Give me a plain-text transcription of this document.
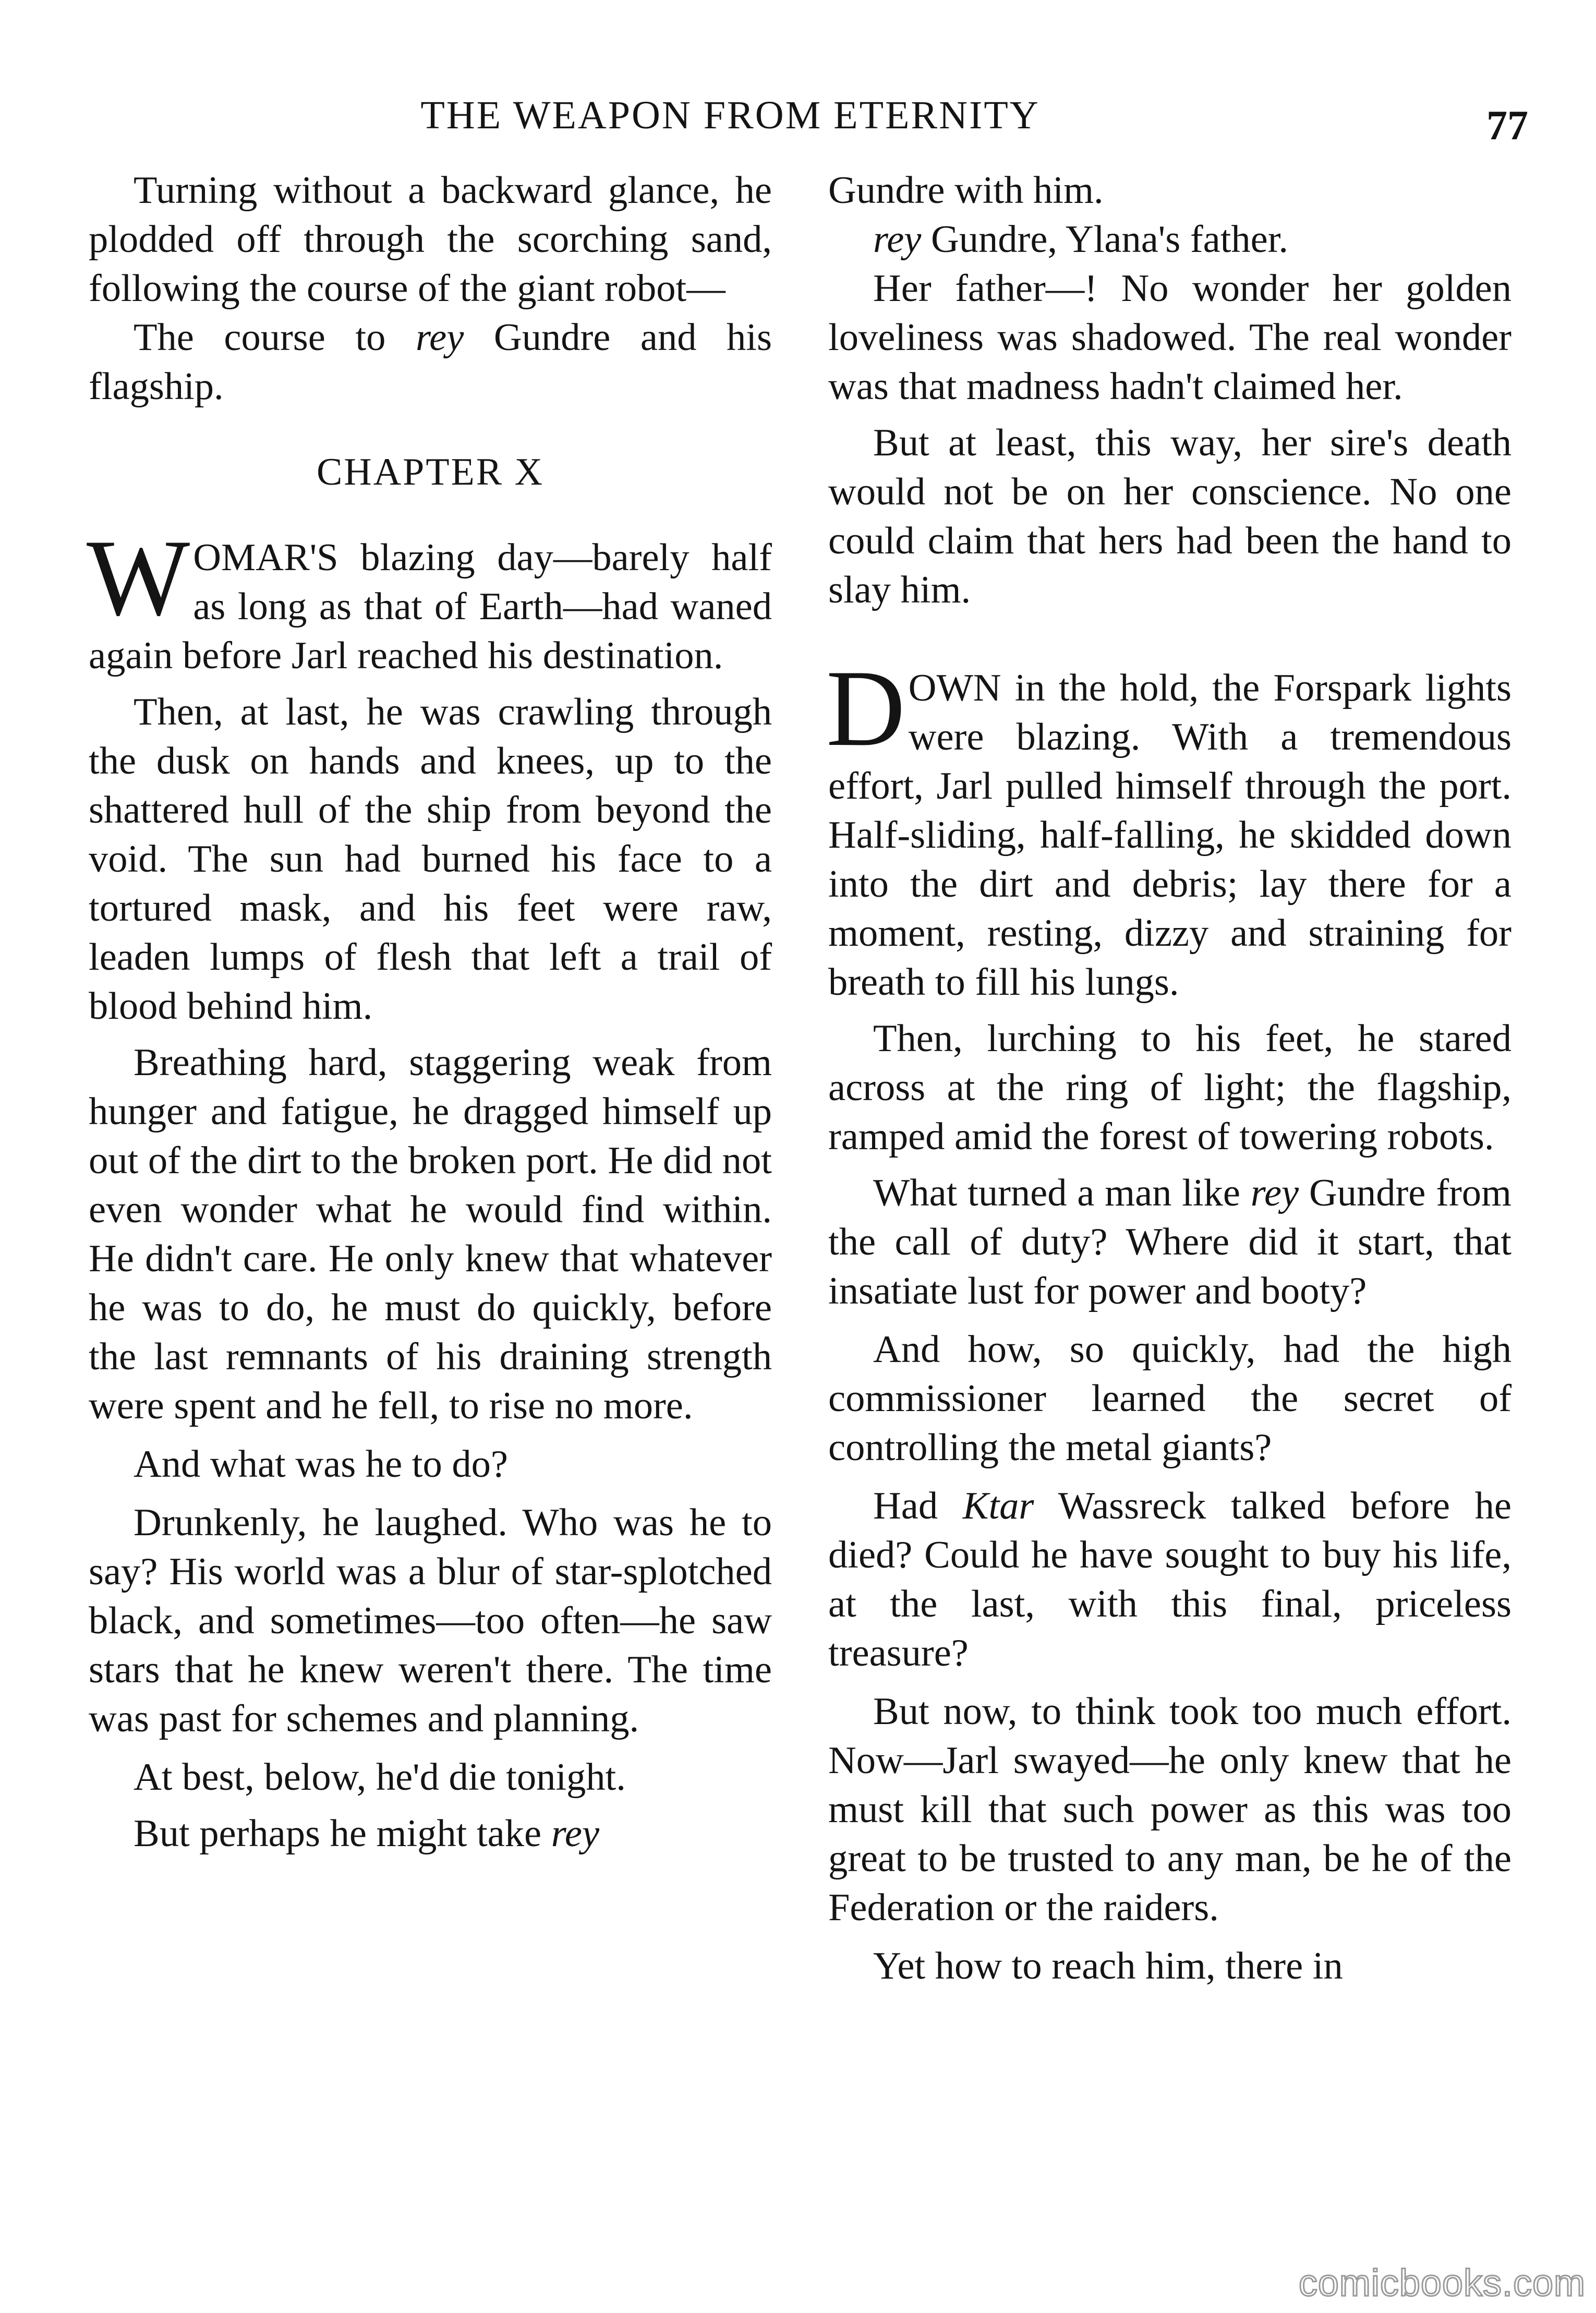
THE WEAPON FROM ETERNITY	77

Turning without a backward glance, he plodded off through the scorching sand, following the course of the giant robot—

The course to rey Gundre and his flagship.

CHAPTER X

WOMAR'S blazing day—barely half as long as that of Earth—had waned again before Jarl reached his destination.

Then, at last, he was crawling through the dusk on hands and knees, up to the shattered hull of the ship from beyond the void. The sun had burned his face to a tortured mask, and his feet were raw, leaden lumps of flesh that left a trail of blood behind him.

Breathing hard, staggering weak from hunger and fatigue, he dragged himself up out of the dirt to the broken port. He did not even wonder what he would find within. He didn't care. He only knew that whatever he was to do, he must do quickly, before the last remnants of his draining strength were spent and he fell, to rise no more.

And what was he to do?

Drunkenly, he laughed. Who was he to say? His world was a blur of star-splotched black, and sometimes—too often—he saw stars that he knew weren't there. The time was past for schemes and planning.

At best, below, he'd die tonight.

But perhaps he might take rey

Gundre with him.

rey Gundre, Ylana's father.

Her father—! No wonder her golden loveliness was shadowed. The real wonder was that madness hadn't claimed her.

But at least, this way, her sire's death would not be on her conscience. No one could claim that hers had been the hand to slay him.

DOWN in the hold, the Forspark lights were blazing. With a tremendous effort, Jarl pulled himself through the port. Half-sliding, half-falling, he skidded down into the dirt and debris; lay there for a moment, resting, dizzy and straining for breath to fill his lungs.

Then, lurching to his feet, he stared across at the ring of light; the flagship, ramped amid the forest of towering robots.

What turned a man like rey Gundre from the call of duty? Where did it start, that insatiate lust for power and booty?

And how, so quickly, had the high commissioner learned the secret of controlling the metal giants?

Had Ktar Wassreck talked before he died? Could he have sought to buy his life, at the last, with this final, priceless treasure?

But now, to think took too much effort. Now—Jarl swayed—he only knew that he must kill that such power as this was too great to be trusted to any man, be he of the Federation or the raiders.

Yet how to reach him, there in

comicbooks.com
